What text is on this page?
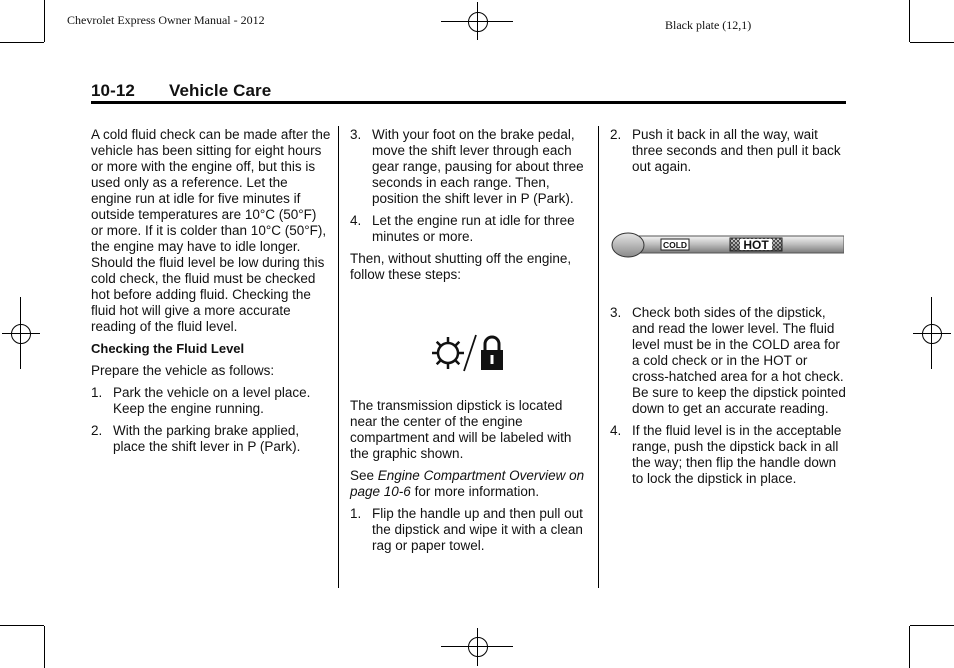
Chevrolet Express Owner Manual - 2012	Black plate (12,1)
10-12 Vehicle Care

A cold fluid check can be made after the vehicle has been sitting for eight hours or more with the engine off, but this is used only as a reference. Let the engine run at idle for five minutes if outside temperatures are 10°C (50°F) or more. If it is colder than 10°C (50°F), the engine may have to idle longer. Should the fluid level be low during this cold check, the fluid must be checked hot before adding fluid. Checking the fluid hot will give a more accurate reading of the fluid level.

Checking the Fluid Level

Prepare the vehicle as follows:

1. Park the vehicle on a level place. Keep the engine running.
2. With the parking brake applied, place the shift lever in P (Park).
3. With your foot on the brake pedal, move the shift lever through each gear range, pausing for about three seconds in each range. Then, position the shift lever in P (Park).
4. Let the engine run at idle for three minutes or more.

Then, without shutting off the engine, follow these steps:

The transmission dipstick is located near the center of the engine compartment and will be labeled with the graphic shown.

See Engine Compartment Overview on page 10-6 for more information.

1. Flip the handle up and then pull out the dipstick and wipe it with a clean rag or paper towel.
2. Push it back in all the way, wait three seconds and then pull it back out again.
COLD	HOT
3. Check both sides of the dipstick, and read the lower level. The fluid level must be in the COLD area for a cold check or in the HOT or cross-hatched area for a hot check. Be sure to keep the dipstick pointed down to get an accurate reading.
4. If the fluid level is in the acceptable range, push the dipstick back in all the way; then flip the handle down to lock the dipstick in place.
